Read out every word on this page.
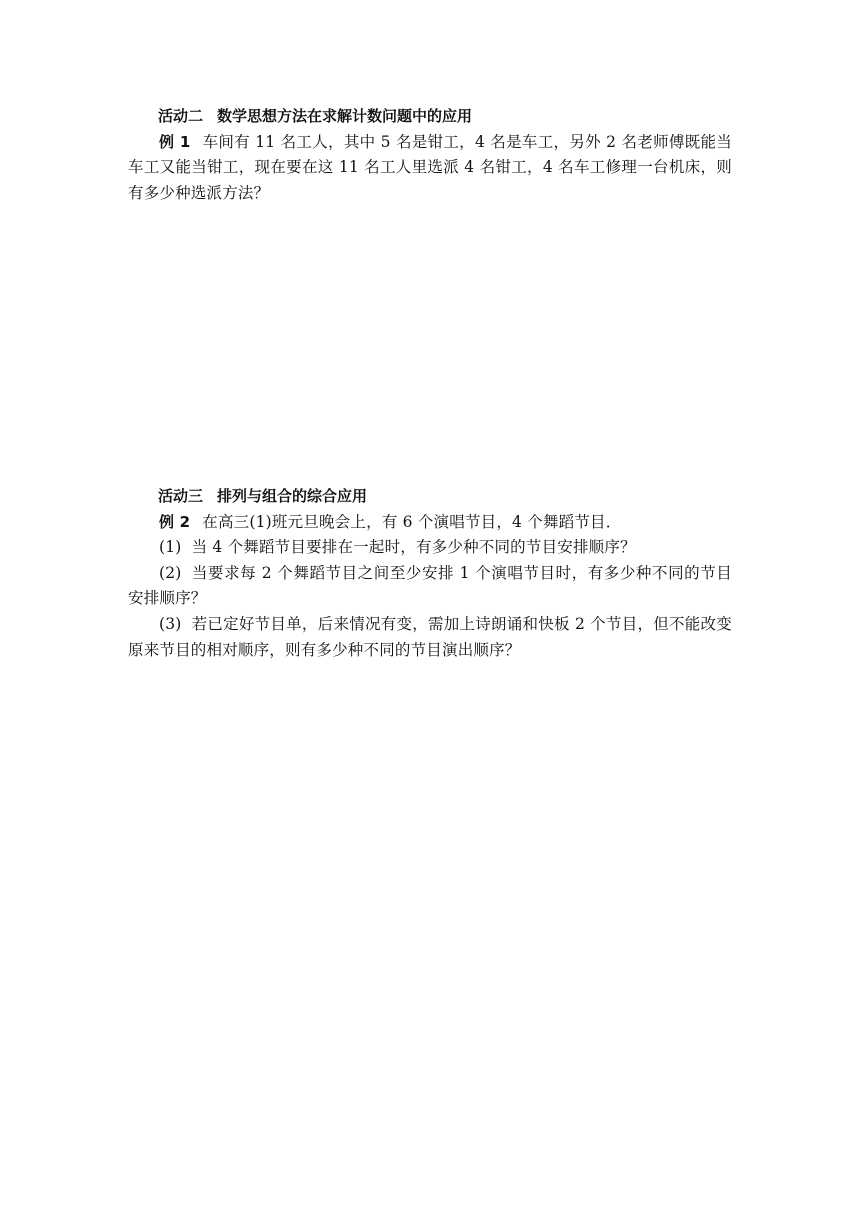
活动二 数学思想方法在求解计数问题中的应用

例 1 车间有 11 名工人，其中 5 名是钳工，4 名是车工，另外 2 名老师傅既能当车工又能当钳工，现在要在这 11 名工人里选派 4 名钳工，4 名车工修理一台机床，则有多少种选派方法？

活动三 排列与组合的综合应用

例 2 在高三(1)班元旦晚会上，有 6 个演唱节目，4 个舞蹈节目．

(1) 当 4 个舞蹈节目要排在一起时，有多少种不同的节目安排顺序？

(2) 当要求每 2 个舞蹈节目之间至少安排 1 个演唱节目时，有多少种不同的节目安排顺序？

(3) 若已定好节目单，后来情况有变，需加上诗朗诵和快板 2 个节目，但不能改变原来节目的相对顺序，则有多少种不同的节目演出顺序？
